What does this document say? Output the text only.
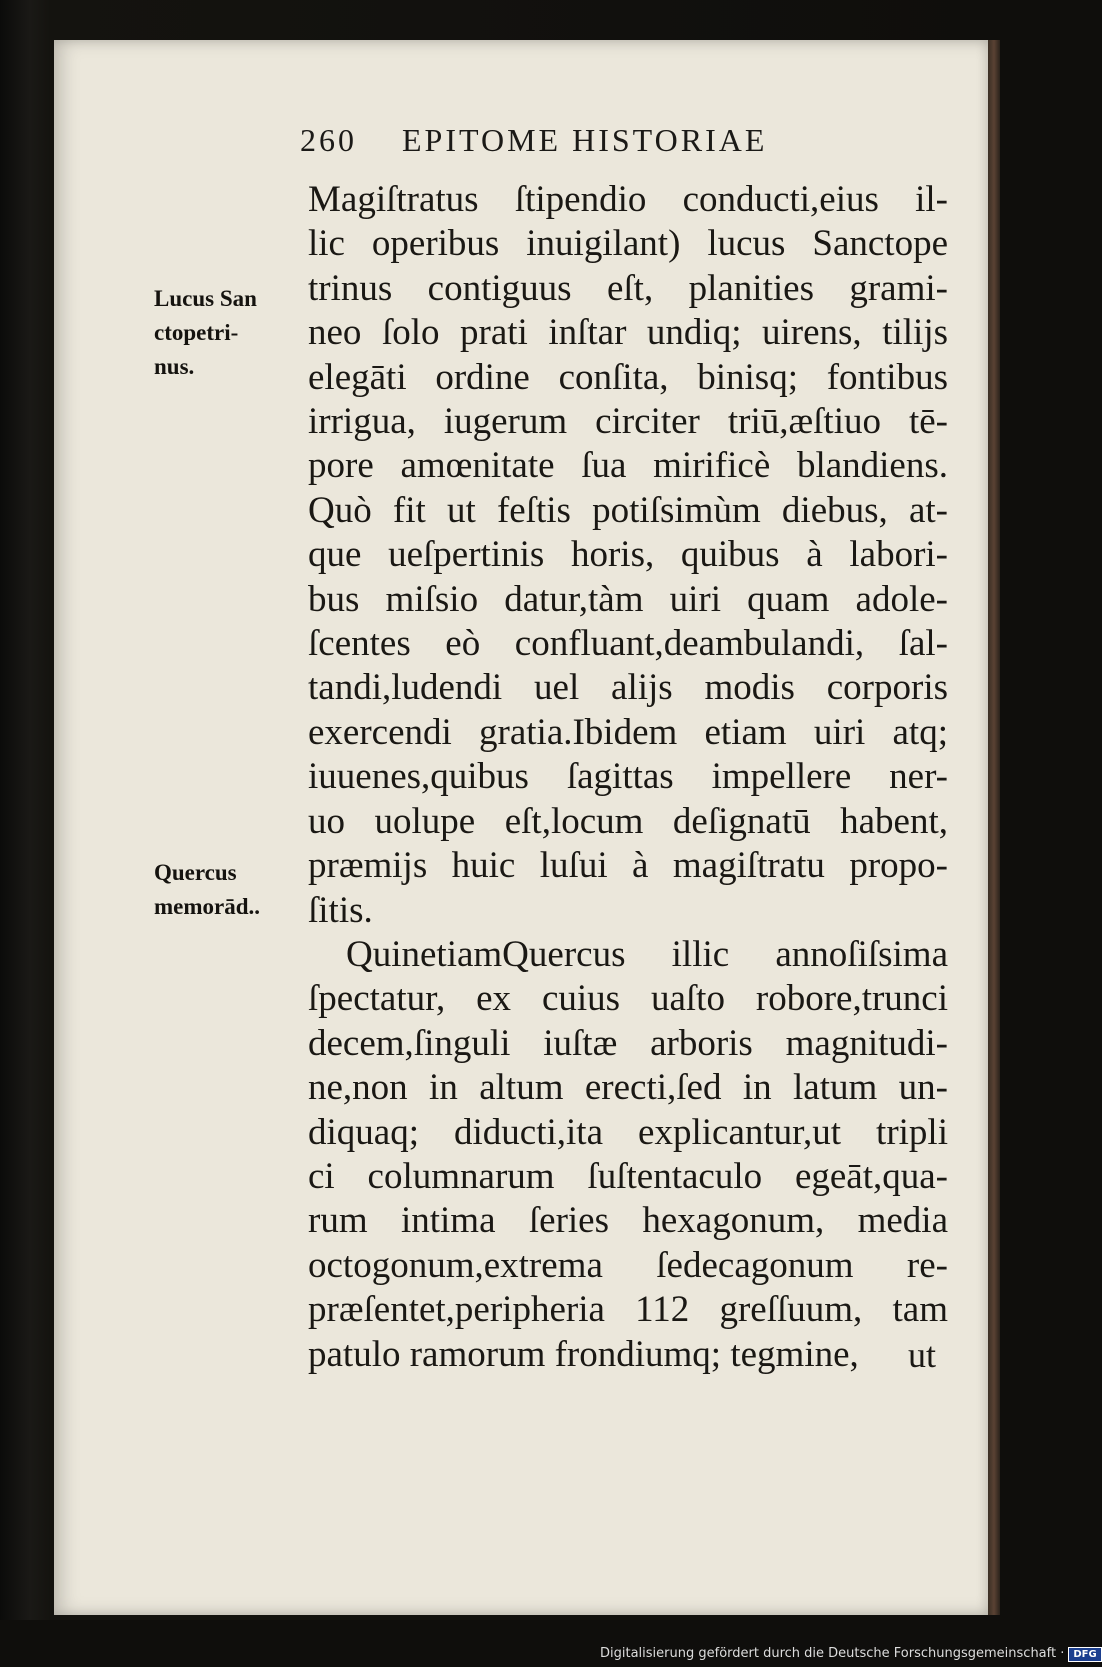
260 EPITOME HISTORIAE
Magiſtratus ſtipendio conducti,eius il-
lic operibus inuigilant) lucus Sanctope
trinus contiguus eſt, planities grami-
neo ſolo prati inſtar undiq; uirens, tilijs
elegāti ordine conſita, binisq; fontibus
irrigua, iugerum circiter triū,æſtiuo tē-
pore amœnitate ſua mirificè blandiens.
Quò fit ut feſtis potiſsimùm diebus, at-
que ueſpertinis horis, quibus à labori-
bus miſsio datur,tàm uiri quam adole-
ſcentes eò confluant,deambulandi, ſal-
tandi,ludendi uel alijs modis corporis
exercendi gratia.Ibidem etiam uiri atq;
iuuenes,quibus ſagittas impellere ner-
uo uolupe eſt,locum deſignatū habent,
præmijs huic luſui à magiſtratu propo-
ſitis.
QuinetiamQuercus illic annoſiſsima
ſpectatur, ex cuius uaſto robore,trunci
decem,ſinguli iuſtæ arboris magnitudi-
ne,non in altum erecti,ſed in latum un-
diquaq; diducti,ita explicantur,ut tripli
ci columnarum ſuſtentaculo egeāt,qua-
rum intima ſeries hexagonum, media
octogonum,extrema ſedecagonum re-
præſentet,peripheria 112 greſſuum, tam
patulo ramorum frondiumq; tegmine,
Lucus San
ctopetri-
nus.
Quercus
memorād..
ut
Digitalisierung gefördert durch die Deutsche Forschungsgemeinschaft · DFG
